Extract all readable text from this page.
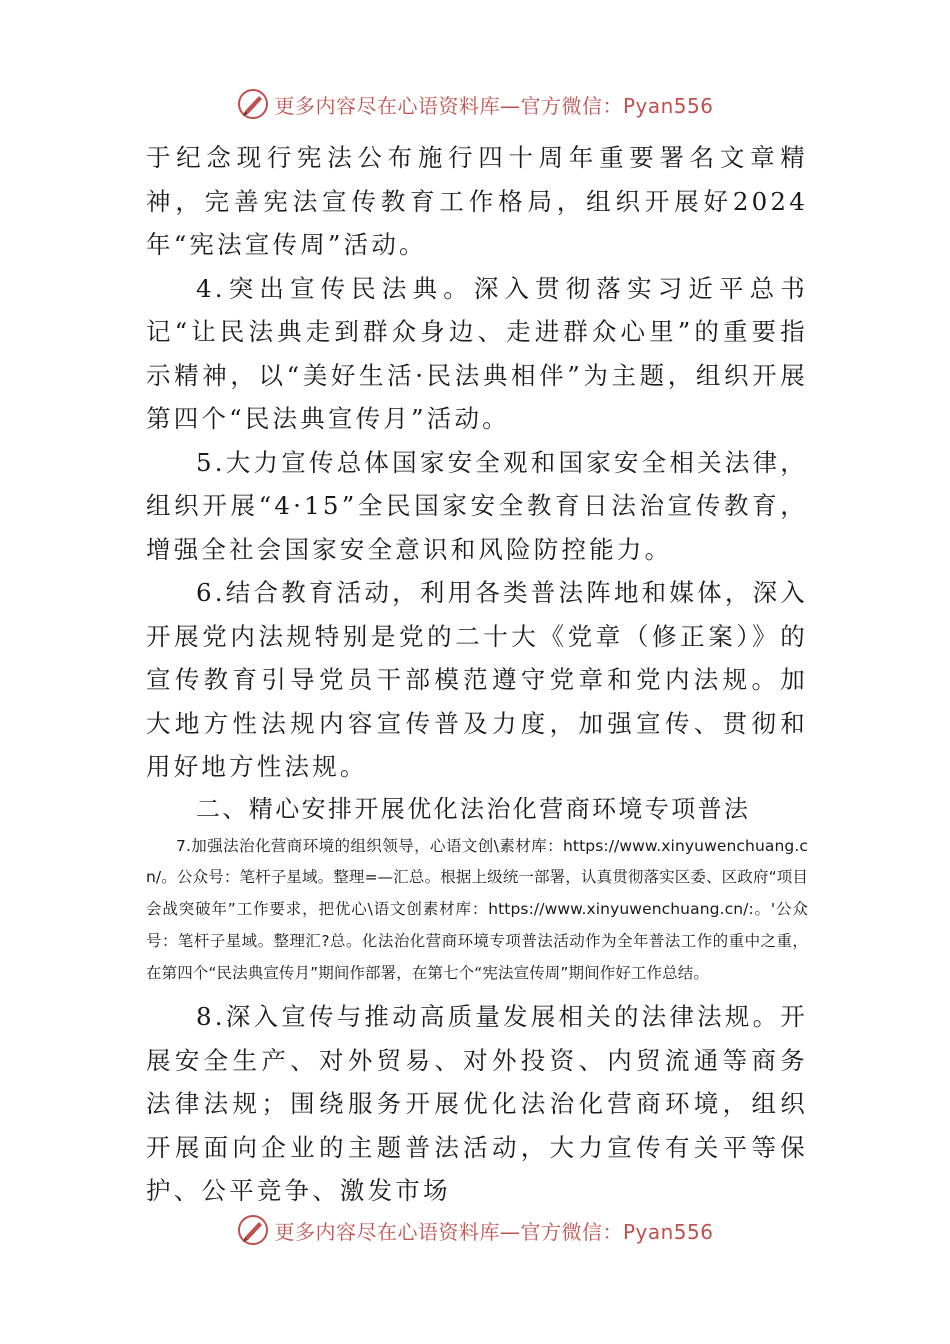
更多内容尽在心语资料库—官方微信：Pyan556

于纪念现行宪法公布施行四十周年重要署名文章精神，完善宪法宣传教育工作格局，组织开展好2024年“宪法宣传周”活动。

4.突出宣传民法典。深入贯彻落实习近平总书记“让民法典走到群众身边、走进群众心里”的重要指示精神，以“美好生活·民法典相伴”为主题，组织开展第四个“民法典宣传月”活动。

5.大力宣传总体国家安全观和国家安全相关法律，组织开展“4·15”全民国家安全教育日法治宣传教育，增强全社会国家安全意识和风险防控能力。

6.结合教育活动，利用各类普法阵地和媒体，深入开展党内法规特别是党的二十大《党章（修正案）》的宣传教育引导党员干部模范遵守党章和党内法规。加大地方性法规内容宣传普及力度，加强宣传、贯彻和用好地方性法规。

二、精心安排开展优化法治化营商环境专项普法

7.加强法治化营商环境的组织领导，心语文创\素材库：https://www.xinyuwenchuang.cn/。公众号：笔杆子星域。整理=—汇总。根据上级统一部署，认真贯彻落实区委、区政府“项目会战突破年”工作要求，把优心\语文创素材库：https://www.xinyuwenchuang.cn/:。'公众号：笔杆子星域。整理汇?总。化法治化营商环境专项普法活动作为全年普法工作的重中之重，在第四个“民法典宣传月”期间作部署，在第七个“宪法宣传周”期间作好工作总结。

8.深入宣传与推动高质量发展相关的法律法规。开展安全生产、对外贸易、对外投资、内贸流通等商务法律法规；围绕服务开展优化法治化营商环境，组织开展面向企业的主题普法活动，大力宣传有关平等保护、公平竞争、激发市场

更多内容尽在心语资料库—官方微信：Pyan556
